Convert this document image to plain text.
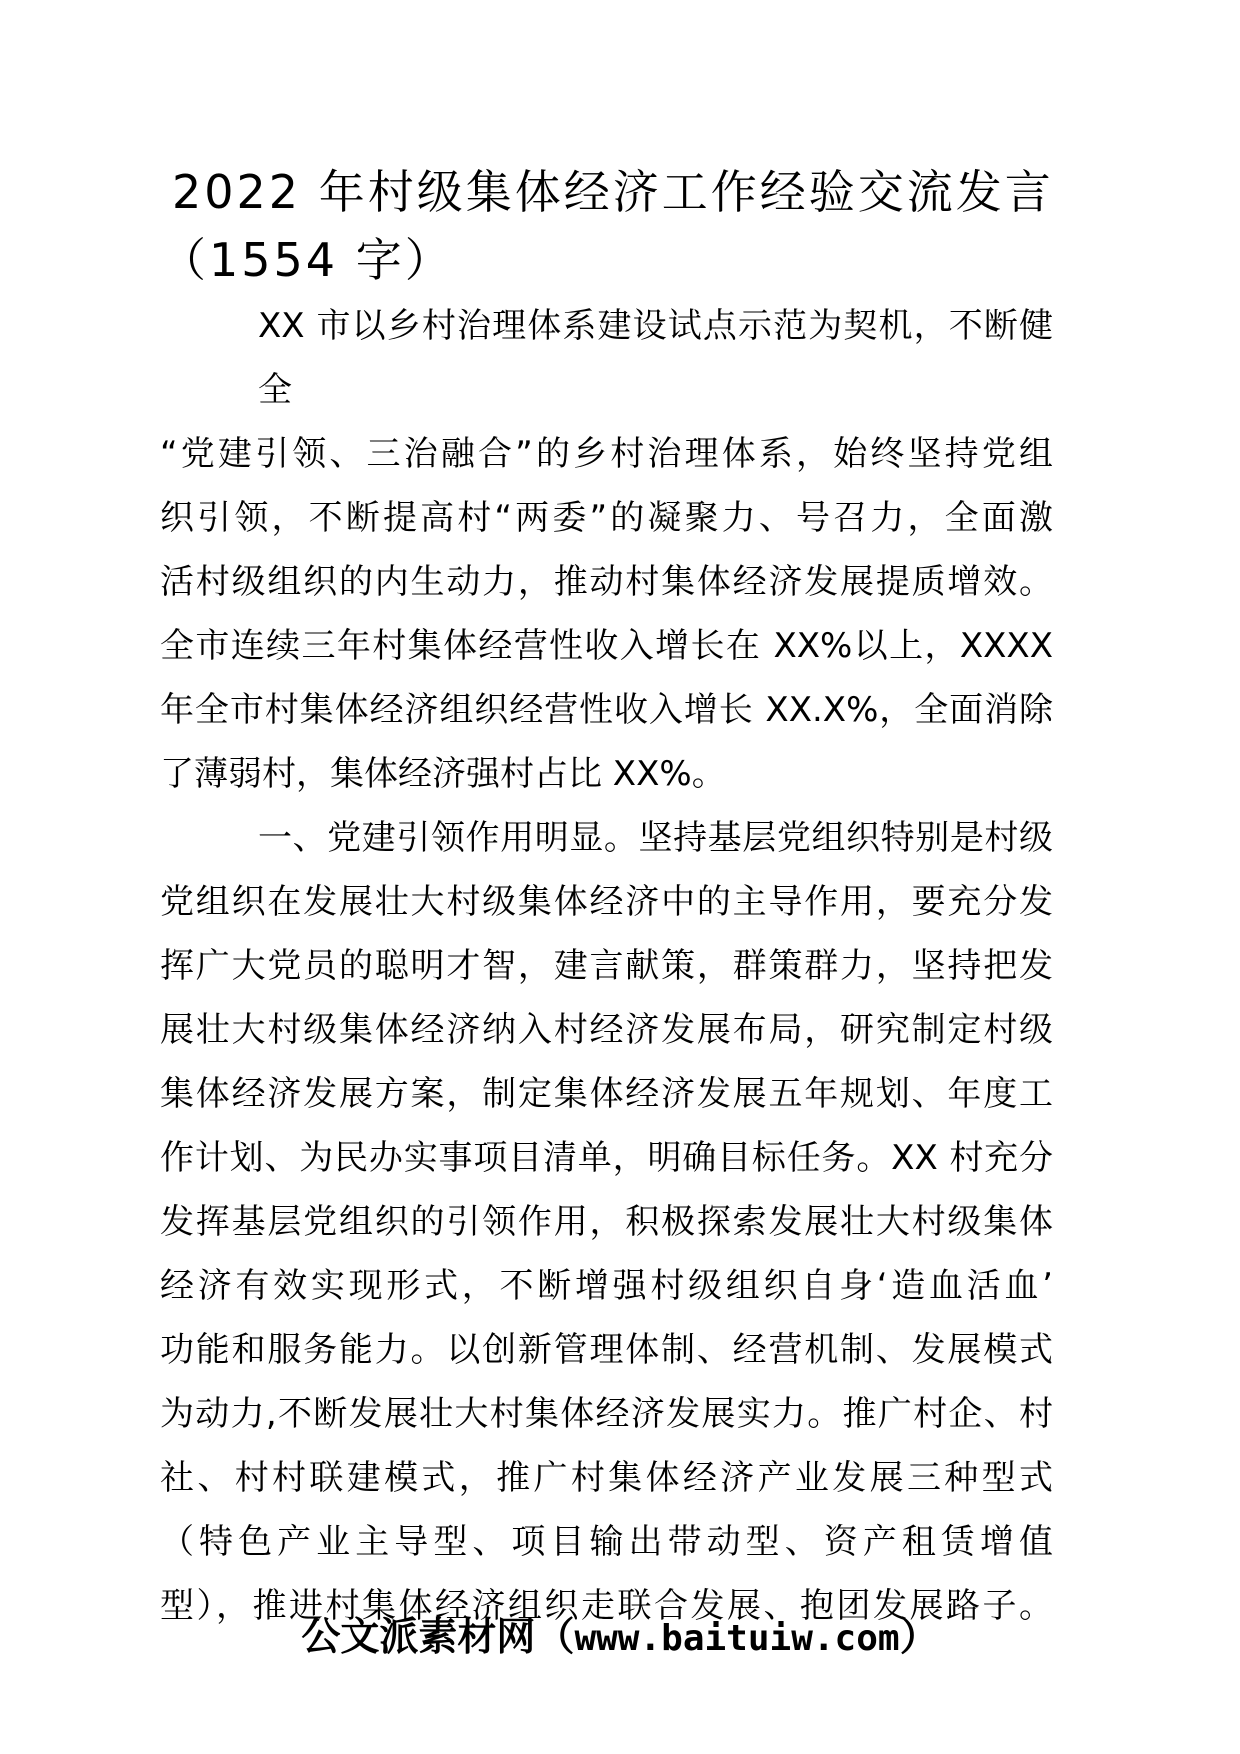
2022 年村级集体经济工作经验交流发言
（1554 字）
XX 市以乡村治理体系建设试点示范为契机，不断健全
“党建引领、三治融合”的乡村治理体系，始终坚持党组
织引领，不断提高村“两委”的凝聚力、号召力，全面激
活村级组织的内生动力，推动村集体经济发展提质增效。
全市连续三年村集体经营性收入增长在 XX%以上，XXXX
年全市村集体经济组织经营性收入增长 XX.X%，全面消除
了薄弱村，集体经济强村占比 XX%。
一、党建引领作用明显。坚持基层党组织特别是村级
党组织在发展壮大村级集体经济中的主导作用，要充分发
挥广大党员的聪明才智，建言献策，群策群力，坚持把发
展壮大村级集体经济纳入村经济发展布局，研究制定村级
集体经济发展方案，制定集体经济发展五年规划、年度工
作计划、为民办实事项目清单，明确目标任务。XX 村充分
发挥基层党组织的引领作用，积极探索发展壮大村级集体
经济有效实现形式，不断增强村级组织自身‘造血活血’
功能和服务能力。以创新管理体制、经营机制、发展模式
为动力,不断发展壮大村集体经济发展实力。推广村企、村
社、村村联建模式，推广村集体经济产业发展三种型式
（特色产业主导型、项目输出带动型、资产租赁增值
型），推进村集体经济组织走联合发展、抱团发展路子。
公文派素材网（www.baituiw.com）
